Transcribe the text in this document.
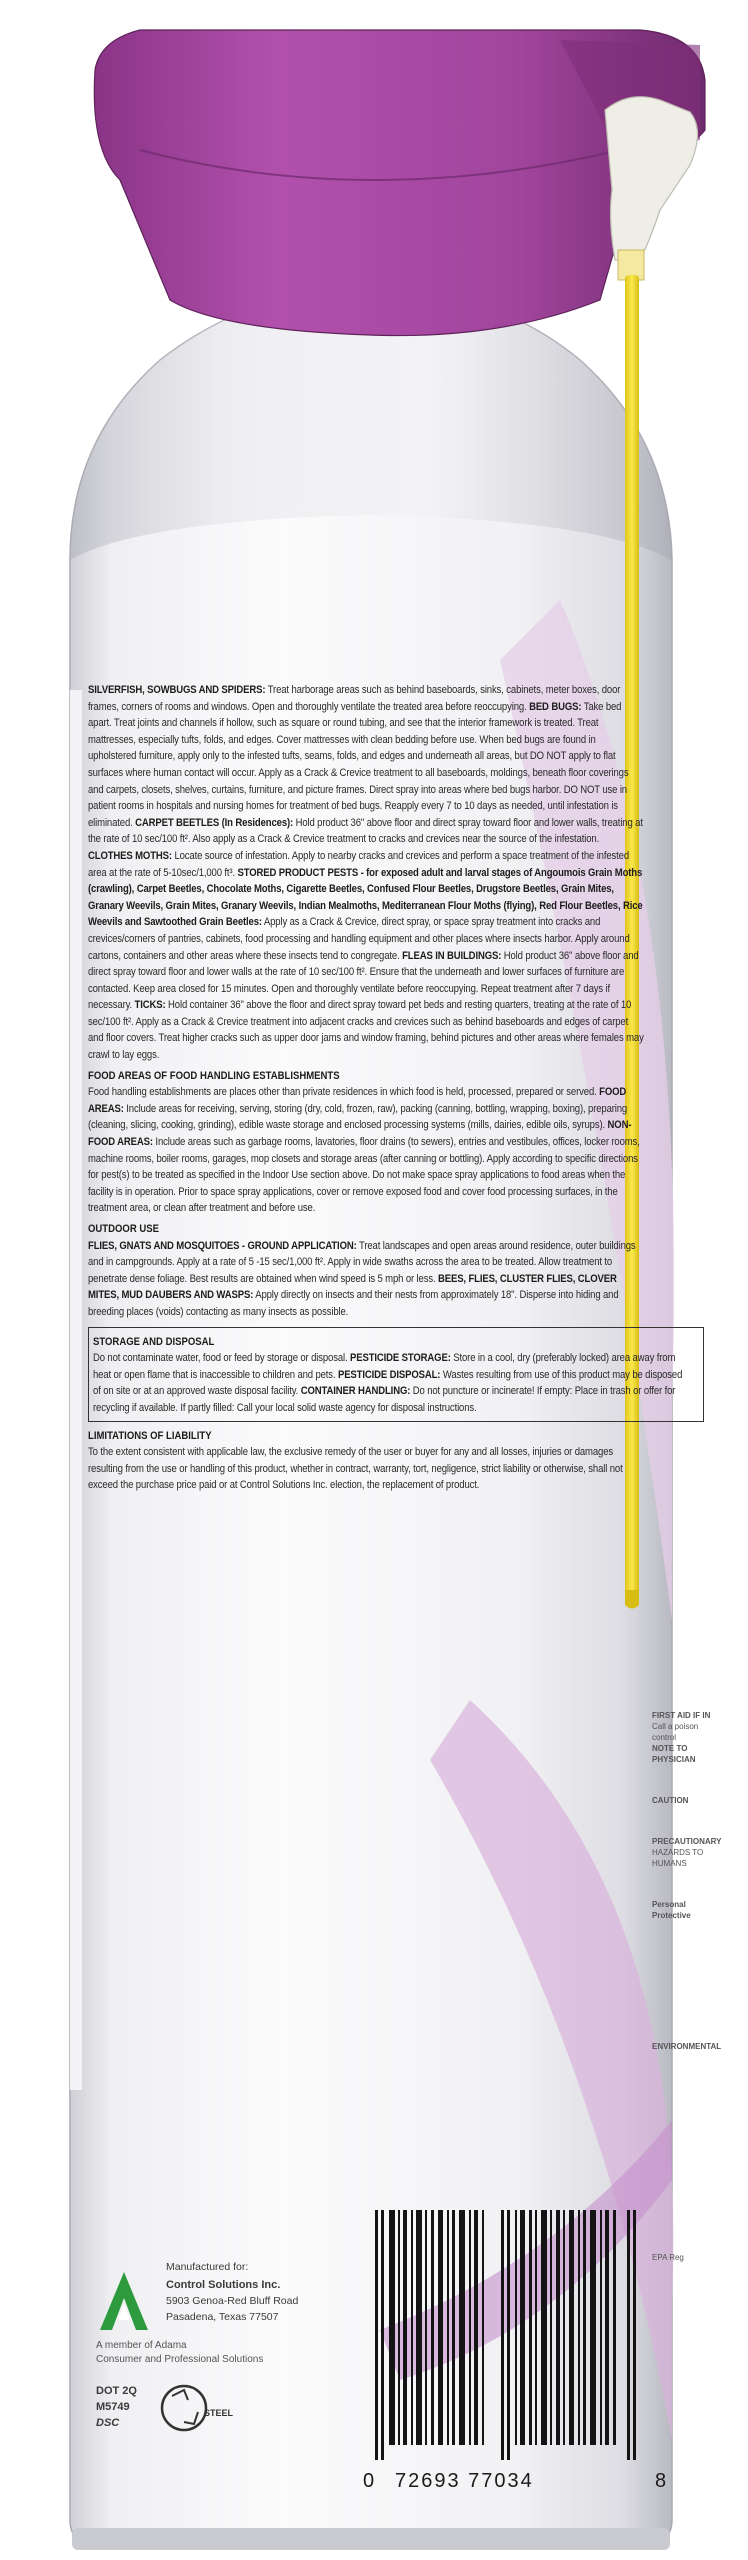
SILVERFISH, SOWBUGS AND SPIDERS: Treat harborage areas such as behind baseboards, sinks, cabinets, meter boxes, door frames, corners of rooms and windows. Open and thoroughly ventilate the treated area before reoccupying. BED BUGS: Take bed apart. Treat joints and channels if hollow, such as square or round tubing, and see that the interior framework is treated. Treat mattresses, especially tufts, folds, and edges. Cover mattresses with clean bedding before use. When bed bugs are found in upholstered furniture, apply only to the infested tufts, seams, folds, and edges and underneath all areas, but DO NOT apply to flat surfaces where human contact will occur. Apply as a Crack & Crevice treatment to all baseboards, moldings, beneath floor coverings and carpets, closets, shelves, curtains, furniture, and picture frames. Direct spray into areas where bed bugs harbor. DO NOT use in patient rooms in hospitals and nursing homes for treatment of bed bugs. Reapply every 7 to 10 days as needed, until infestation is eliminated. CARPET BEETLES (In Residences): Hold product 36" above floor and direct spray toward floor and lower walls, treating at the rate of 10 sec/100 ft². Also apply as a Crack & Crevice treatment to cracks and crevices near the source of the infestation. CLOTHES MOTHS: Locate source of infestation. Apply to nearby cracks and crevices and perform a space treatment of the infested area at the rate of 5-10sec/1,000 ft³. STORED PRODUCT PESTS - for exposed adult and larval stages of Angoumois Grain Moths (crawling), Carpet Beetles, Chocolate Moths, Cigarette Beetles, Confused Flour Beetles, Drugstore Beetles, Grain Mites, Granary Weevils, Grain Mites, Granary Weevils, Indian Mealmoths, Mediterranean Flour Moths (flying), Red Flour Beetles, Rice Weevils and Sawtoothed Grain Beetles: Apply as a Crack & Crevice, direct spray, or space spray treatment into cracks and crevices/corners of pantries, cabinets, food processing and handling equipment and other places where insects harbor. Apply around cartons, containers and other areas where these insects tend to congregate. FLEAS IN BUILDINGS: Hold product 36" above floor and direct spray toward floor and lower walls at the rate of 10 sec/100 ft². Ensure that the underneath and lower surfaces of furniture are contacted. Keep area closed for 15 minutes. Open and thoroughly ventilate before reoccupying. Repeat treatment after 7 days if necessary. TICKS: Hold container 36" above the floor and direct spray toward pet beds and resting quarters, treating at the rate of 10 sec/100 ft². Apply as a Crack & Crevice treatment into adjacent cracks and crevices such as behind baseboards and edges of carpet and floor covers. Treat higher cracks such as upper door jams and window framing, behind pictures and other areas where females may crawl to lay eggs.

FOOD AREAS OF FOOD HANDLING ESTABLISHMENTS

Food handling establishments are places other than private residences in which food is held, processed, prepared or served. FOOD AREAS: Include areas for receiving, serving, storing (dry, cold, frozen, raw), packing (canning, bottling, wrapping, boxing), preparing (cleaning, slicing, cooking, grinding), edible waste storage and enclosed processing systems (mills, dairies, edible oils, syrups). NON-FOOD AREAS: Include areas such as garbage rooms, lavatories, floor drains (to sewers), entries and vestibules, offices, locker rooms, machine rooms, boiler rooms, garages, mop closets and storage areas (after canning or bottling). Apply according to specific directions for pest(s) to be treated as specified in the Indoor Use section above. Do not make space spray applications to food areas when the facility is in operation. Prior to space spray applications, cover or remove exposed food and cover food processing surfaces, in the treatment area, or clean after treatment and before use.

OUTDOOR USE

FLIES, GNATS AND MOSQUITOES - GROUND APPLICATION: Treat landscapes and open areas around residence, outer buildings and in campgrounds. Apply at a rate of 5 -15 sec/1,000 ft². Apply in wide swaths across the area to be treated. Allow treatment to penetrate dense foliage. Best results are obtained when wind speed is 5 mph or less. BEES, FLIES, CLUSTER FLIES, CLOVER MITES, MUD DAUBERS AND WASPS: Apply directly on insects and their nests from approximately 18". Disperse into hiding and breeding places (voids) contacting as many insects as possible.

STORAGE AND DISPOSAL

Do not contaminate water, food or feed by storage or disposal. PESTICIDE STORAGE: Store in a cool, dry (preferably locked) area away from heat or open flame that is inaccessible to children and pets. PESTICIDE DISPOSAL: Wastes resulting from use of this product may be disposed of on site or at an approved waste disposal facility. CONTAINER HANDLING: Do not puncture or incinerate! If empty: Place in trash or offer for recycling if available. If partly filled: Call your local solid waste agency for disposal instructions.

LIMITATIONS OF LIABILITY

To the extent consistent with applicable law, the exclusive remedy of the user or buyer for any and all losses, injuries or damages resulting from the use or handling of this product, whether in contract, warranty, tort, negligence, strict liability or otherwise, shall not exceed the purchase price paid or at Control Solutions Inc. election, the replacement of product.

Manufactured for:
Control Solutions Inc.
5903 Genoa-Red Bluff Road
Pasadena, Texas 77507
A member of Adama
Consumer and Professional Solutions
DOT 2Q
M5749
DSC
STEEL
0 72693 77034	8
FIRST AID IF IN
Call a poison control
NOTE TO PHYSICIAN
CAUTION
PRECAUTIONARY
HAZARDS TO HUMANS
Personal Protective
ENVIRONMENTAL
EPA Reg
